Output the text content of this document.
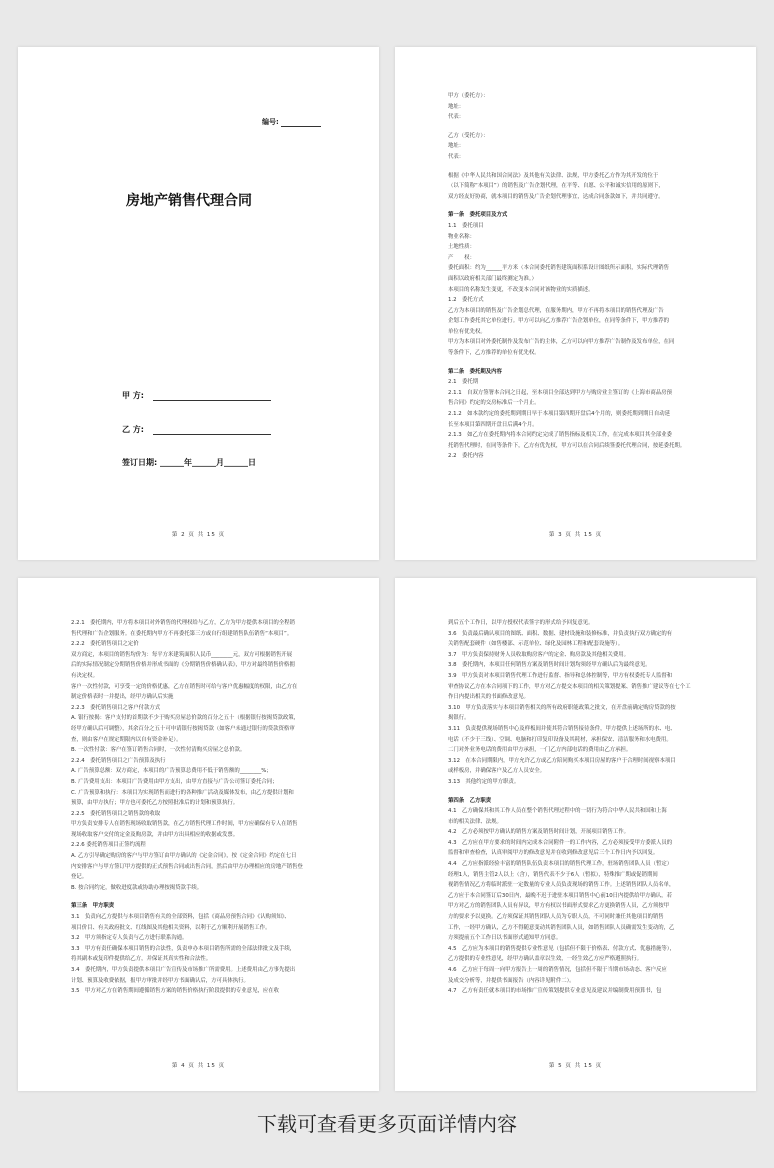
编号:
房地产销售代理合同
甲 方:
乙 方:
签订日期: ______年______月______日
第 2 页 共 15 页
甲方（委托方）：
地址：
代表：
乙方（受托方）：
地址：
代表：
根据《中华人民共和国合同法》及其他有关法律、法规，甲方委托乙方作为其开发的位于
（以下简称“本项目”）的销售及广告企划代理，在平等、自愿、公平和诚实信用的原则下，
双方经友好协商，就本项目的销售及广告企划代理事宜，达成合同条款如下，并共同遵守。
第一条　委托项目及方式
1.1　委托项目
物业名称：
土地性质：
产　　权：
委托面积：约为______平方米（本合同委托销售建筑面积系设计图纸所示面积，实际代理销售
面积以政府相关部门最终测定为准。）
本项目的名称发生变更，不改变本合同对该物业的实质描述。
1.2　委托方式
乙方为本项目的销售及广告企划总代理，在服务期内，甲方不再将本项目的销售代理及广告
企划工作委托其它单位进行。甲方可以向乙方推荐广告企划单位，在同等条件下，甲方推荐的
单位有优先权。
甲方为本项目对外委托制作及发布广告的主体，乙方可以向甲方推荐广告制作及发布单位，在同
等条件下，乙方推荐的单位有优先权。
第二条　委托期及内容
2.1　委托期
2.1.1　自双方签署本合同之日起，至本项目全部达到甲方与购房业主签订的《上海市商品房预
售合同》约定的交房标准后一个月止。
2.1.2　如本款约定的委托期到期日早于本项目第四期开盘后4个月的，则委托期到期日自动延
长至本项目第四期开盘日后满4个月。
2.1.3　如乙方在委托期内将本合同约定完成了销售指标及相关工作，在完成本项目其全部业委
托销售代理时，在同等条件下，乙方有优先权，甲方可以在合同后续签委托代理合同，按延委托期。
2.2　委托内容
第 3 页 共 15 页
2.2.1　委托期内，甲方将本项目对外销售的代理权给与乙方，乙方为甲方提供本项目的全程销
售代理和广告企划服务。在委托期内甲方不再委托第三方或自行组建销售队伍销售“本项目”。
2.2.2　委托销售项目之定价
双方商定，本项目的销售均价为：每平方米建筑面积人民币________元，双方可根据销售开展
后的实际情况制定分期销售价格并形成书面的《分期销售价格确认表》，甲方对最终销售价格拥
有决定权。
客户一次性付款，可享受一定的价格优惠，乙方在销售时可给与客户优惠幅度的权限，由乙方在
制定价格表时一并提出，经甲方确认后实施
2.2.3　委托销售项目之客户付款方式
A. 银行按揭：客户支付的首期款不少于购买房屋总价款的百分之五十（根据银行按揭贷款政策，
经甲方确认后可调整），其余百分之五十可申请银行按揭贷款（如客户未通过银行的贷款资格审
查，则由客户在规定期限内以自有资金补足）。
B. 一次性付款：客户在签订销售合同时，一次性付清购买房屋之总价款。
2.2.4　委托销售项目之广告预算及执行
A. 广告预算总额：双方商定，本项目的广告预算总费用不低于销售额的________%；
B. 广告费用支出：本项目广告费用由甲方支出，由甲方直接与广告公司签订委托合同；
C. 广告预算和执行：本项目为实现销售而进行的各种推广活动及媒体发布，由乙方提供计划和
预算，由甲方执行；甲方也可委托乙方按照批准后的计划和预算执行。
2.2.5　委托销售项目之销售款的收取
甲方负责安排专人在销售现场收取销售款，在乙方销售代理工作时间，甲方应确保有专人在销售
现场收取客户交付的定金及购房款，并由甲方出具相应的收据或发票。
2.2.6 委托销售项目正签约流程
A. 乙方引导确定购房的客户与甲方签订由甲方确认的《定金合同》，按《定金合同》约定在七日
内安排客户与甲方签订甲方提供的正式预售合同或出售合同，然后由甲方办理相应的房地产销售登
登记。
B. 按合同约定，做收进度款或协助办理按揭贷款手续。
第三条　甲方职责
3.1　负责向乙方提供与本项目销售有关的全部资料，包括《商品房预售合同》《认购须知》、
项目价目、有关政府批文、红线图及其他相关资料，以利于乙方顺利开展销售工作。
3.2　甲方须指定专人负责与乙方进行联系沟通。
3.3　甲方有责任确保本项目销售的合法性，负责申办本项目销售所需的全部法律批文及手续，
将其副本或复印件提供给乙方，并保证其真实性和合法性。
3.4　委托期内，甲方负责提供本项目广告宣传及市场推广所需费用。上述费用由乙方事先提出
计划、预算及收费依据，报甲方审批并经甲方书面确认后，方可具体执行。
3.5　甲方对乙方在销售期间遵循销售方案的销售价格执行阶段提供的专业意见，应在收
第 4 页 共 15 页
到后五个工作日，以甲方授权代表签字的形式给予回复意见。
3.6　负责最后确认项目的图纸、面积、数据、建材设施和装修标准，并负责执行双方确定的有
关销售配套硬件（如售楼部、示范单位、绿化及园林工程和配套设施等）。
3.7　甲方负责保持财务人员收取购房客户的定金、购房款及其他相关费用。
3.8　委托期内，本项目任何销售方案及销售时间计划均须经甲方确认后为最终意见。
3.9　甲方负责对本项目销售代理工作进行监督、指导和总体控制等，甲方有权委托专人监督和
审查协议乙方在本合同项下的工作，甲方对乙方提交本项目的相关策划提案、销售推广建议等在七个工
作日内提出相关的书面修改意见。
3.10　甲方负责落实与本项目销售相关的所有政府职能政策之批文，在开盘前确定购房贷款的按
揭银行。
3.11　负责提供现场销售中心及样板间并使其符合销售接待条件，甲方提供上述场所的水、电、
电话（不少于三线）、空调、电脑和打印复印设备及其耗材，承担保安、清洁服务和水电费用。
二门对外业务电话的费用由甲方承担，一门乙方内部电话的费用由乙方承担。
3.12　在本合同期限内，甲方允许乙方或乙方陪同购买本项目房屋的客户于合理时间视察本项目
或样板房，并确保客户及乙方人员安全。
3.13　其他约定的甲方职责。
第四条　乙方职责
4.1　乙方确保其和其工作人员在整个销售代理过程中的一切行为符合中华人民共和国和上海
市的相关法律、法规。
4.2　乙方必须按甲方确认的销售方案及销售时间计划，开展项目销售工作。
4.3　乙方应在甲方要求的时间内完成本合同附件一的工作内容，乙方必须接受甲方委派人员的
监督和审查检查，认真审阅甲方的修改意见并在收到修改意见后三个工作日内予以回复。
4.4　乙方应指派经验丰富的销售队伍负责本项目的销售代理工作，驻场销售团队人员（暂定）
经理1人，销售主管2人以上（含），销售代表不少于6人（暂拟），特殊推广期或促销期间
视销售情况乙方将临时派驻一定数量的专业人员负责现场的销售工作。上述销售团队人员名单，
乙方应于本合同签订后30日内，最晚不迟于进驻本项目销售中心前10日内提供给甲方确认，若
甲方对乙方的销售团队人员有异议，甲方有权以书面形式要求乙方更换销售人员，乙方须按甲
方的要求予以更换。乙方须保证其销售团队人员为专职人员，不可同时兼任其他项目的销售
工作，一经甲方确认，乙方不得随意变动其销售团队人员，如销售团队人员确需发生变动的，乙
方须提前五个工作日以书面形式通知甲方同意。
4.5　乙方应为本项目的销售提供专业性意见（包括但不限于价格表、付款方式、优惠措施等），
乙方提供的专业性意见，经甲方确认盖章以生效，一经生效乙方应严格遵照执行。
4.6　乙方应于每周一向甲方报告上一周的销售情况，包括但不限于当期市场动态、客户反应
及成交分析等，并提供书面报告（内容详见附件二）。
4.7　乙方有责任就本项目的市场推广宣传策划提供专业意见及建议并编制费用预算书，包
第 5 页 共 15 页
下载可查看更多页面详情内容
